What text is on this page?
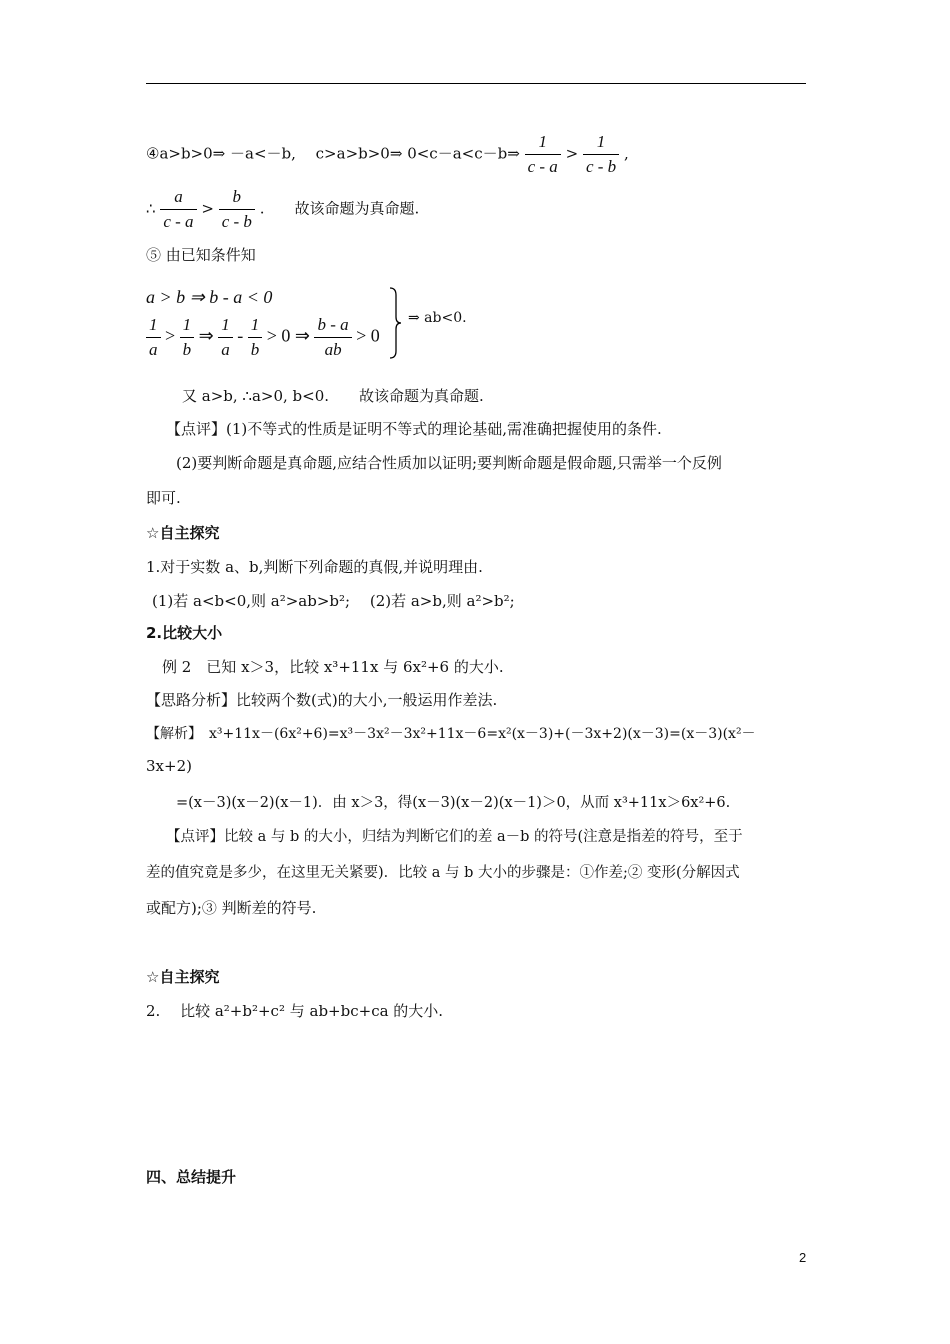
④a>b>0⇒ －a<－b,　 c>a>b>0⇒ 0<c－a<c－b⇒ $\frac{1}{c - a} > \frac{1}{c - b}$ ,
∴ $\frac{a}{c - a} > \frac{b}{c - b}$ .　　故该命题为真命题.
⑤ 由已知条件知
a > b ⇒ b - a < 0
$\frac{1}{a} > \frac{1}{b}$ ⇒ $\frac{1}{a} - \frac{1}{b} > 0$ ⇒ $\frac{b - a}{ab} > 0$
⇒ ab<0.
又 a>b, ∴a>0, b<0.　　故该命题为真命题.
【点评】(1)不等式的性质是证明不等式的理论基础,需准确把握使用的条件.
(2)要判断命题是真命题,应结合性质加以证明;要判断命题是假命题,只需举一个反例
即可.
☆自主探究
1.对于实数 a、b,判断下列命题的真假,并说明理由.
(1)若 a<b<0,则 a²>ab>b²;　 (2)若 a>b,则 a²>b²;
2.比较大小
例 2　已知 x＞3，比较 x³+11x 与 6x²+6 的大小.
【思路分析】比较两个数(式)的大小,一般运用作差法.
【解析】　x³+11x－(6x²+6)=x³－3x²－3x²+11x－6=x²(x－3)+(－3x+2)(x－3)=(x－3)(x²－
3x+2)
=(x－3)(x－2)(x－1)．由 x＞3，得(x－3)(x－2)(x－1)＞0，从而 x³+11x＞6x²+6.
【点评】比较 a 与 b 的大小，归结为判断它们的差 a－b 的符号(注意是指差的符号，至于
差的值究竟是多少，在这里无关紧要)．比较 a 与 b 大小的步骤是：①作差;② 变形(分解因式
或配方);③ 判断差的符号.
☆自主探究
2.　 比较 a²+b²+c² 与 ab+bc+ca 的大小.
四、总结提升
2
